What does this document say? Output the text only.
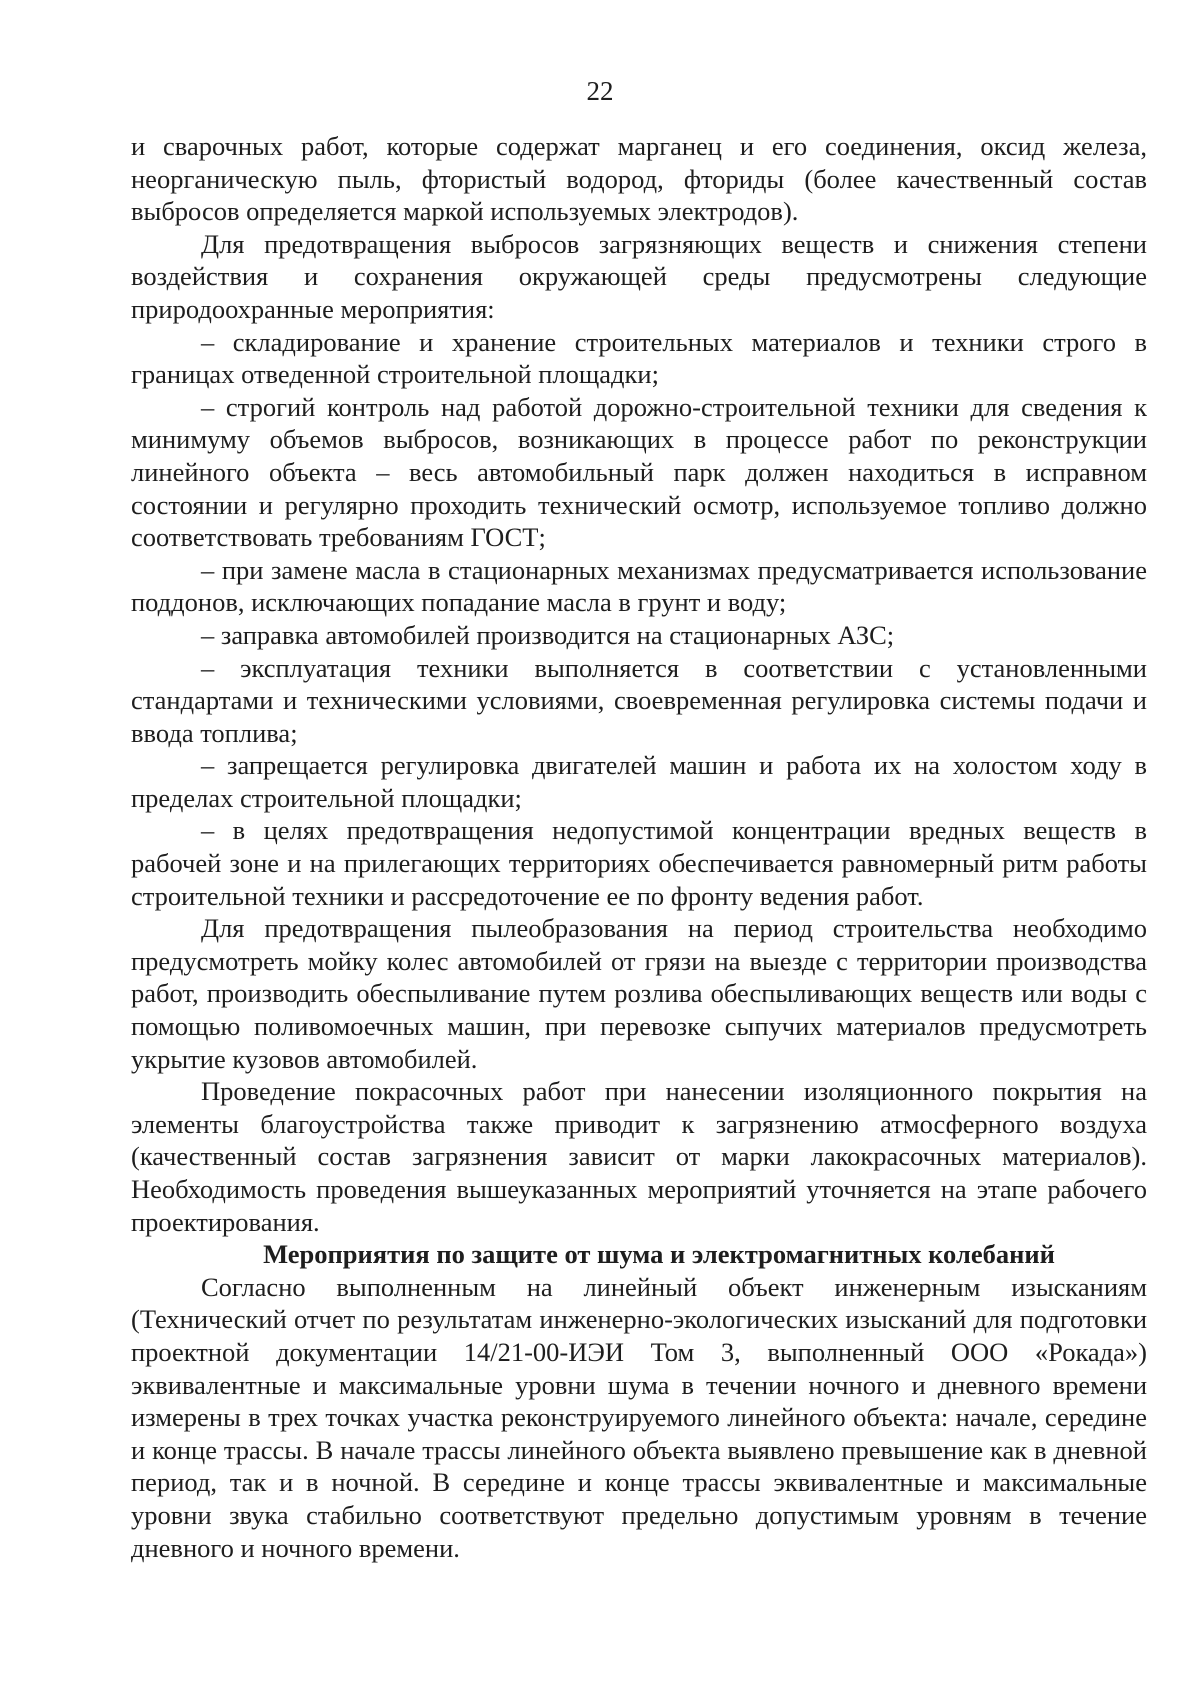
22

и сварочных работ, которые содержат марганец и его соединения, оксид железа, неорганическую пыль, фтористый водород, фториды (более качественный состав выбросов определяется маркой используемых электродов).

Для предотвращения выбросов загрязняющих веществ и снижения степени воздействия и сохранения окружающей среды предусмотрены следующие природоохранные мероприятия:

– складирование и хранение строительных материалов и техники строго в границах отведенной строительной площадки;

– строгий контроль над работой дорожно-строительной техники для сведения к минимуму объемов выбросов, возникающих в процессе работ по реконструкции линейного объекта – весь автомобильный парк должен находиться в исправном состоянии и регулярно проходить технический осмотр, используемое топливо должно соответствовать требованиям ГОСТ;

– при замене масла в стационарных механизмах предусматривается использование поддонов, исключающих попадание масла в грунт и воду;

– заправка автомобилей производится на стационарных АЗС;

– эксплуатация техники выполняется в соответствии с установленными стандартами и техническими условиями, своевременная регулировка системы подачи и ввода топлива;

– запрещается регулировка двигателей машин и работа их на холостом ходу в пределах строительной площадки;

– в целях предотвращения недопустимой концентрации вредных веществ в рабочей зоне и на прилегающих территориях обеспечивается равномерный ритм работы строительной техники и рассредоточение ее по фронту ведения работ.

Для предотвращения пылеобразования на период строительства необходимо предусмотреть мойку колес автомобилей от грязи на выезде с территории производства работ, производить обеспыливание путем розлива обеспыливающих веществ или воды с помощью поливомоечных машин, при перевозке сыпучих материалов предусмотреть укрытие кузовов автомобилей.

Проведение покрасочных работ при нанесении изоляционного покрытия на элементы благоустройства также приводит к загрязнению атмосферного воздуха (качественный состав загрязнения зависит от марки лакокрасочных материалов). Необходимость проведения вышеуказанных мероприятий уточняется на этапе рабочего проектирования.

Мероприятия по защите от шума и электромагнитных колебаний

Согласно выполненным на линейный объект инженерным изысканиям (Технический отчет по результатам инженерно-экологических изысканий для подготовки проектной документации 14/21-00-ИЭИ Том 3, выполненный ООО «Рокада») эквивалентные и максимальные уровни шума в течении ночного и дневного времени измерены в трех точках участка реконструируемого линейного объекта: начале, середине и конце трассы. В начале трассы линейного объекта выявлено превышение как в дневной период, так и в ночной. В середине и конце трассы эквивалентные и максимальные уровни звука стабильно соответствуют предельно допустимым уровням в течение дневного и ночного времени.
